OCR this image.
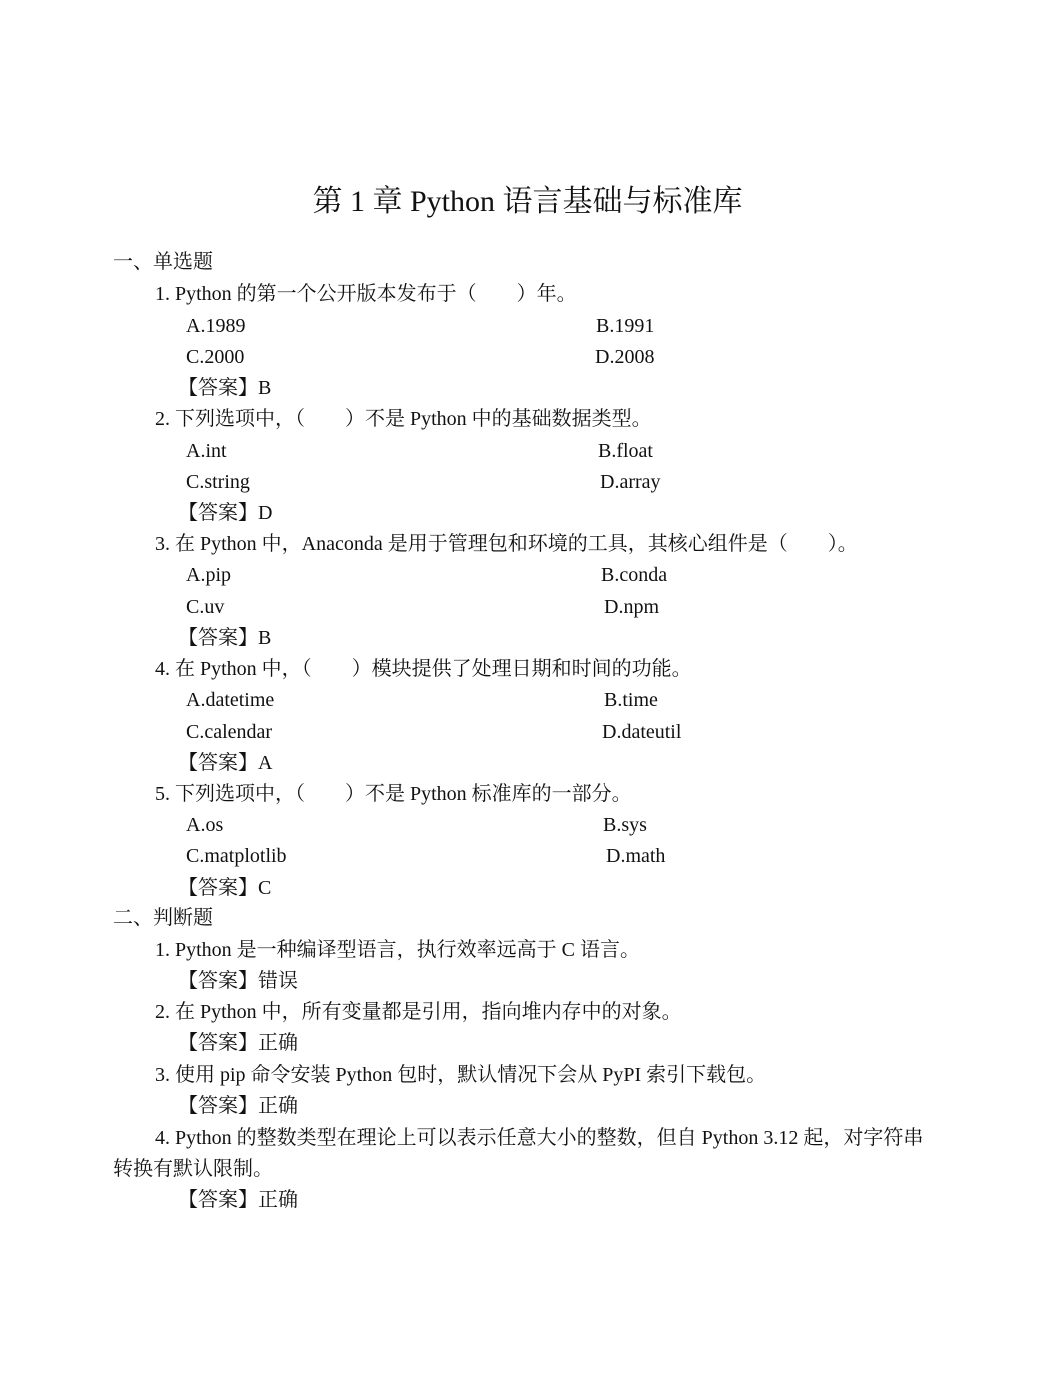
第 1 章 Python 语言基础与标准库
一、单选题
1. Python 的第一个公开版本发布于（　　）年。
A.1989	B.1991
C.2000	D.2008
【答案】B
2. 下列选项中，（　　）不是 Python 中的基础数据类型。
A.int	B.float
C.string	D.array
【答案】D
3. 在 Python 中，Anaconda 是用于管理包和环境的工具，其核心组件是（　　）。
A.pip	B.conda
C.uv	D.npm
【答案】B
4. 在 Python 中，（　　）模块提供了处理日期和时间的功能。
A.datetime	B.time
C.calendar	D.dateutil
【答案】A
5. 下列选项中，（　　）不是 Python 标准库的一部分。
A.os	B.sys
C.matplotlib	D.math
【答案】C
二、判断题
1. Python 是一种编译型语言，执行效率远高于 C 语言。
【答案】错误
2. 在 Python 中，所有变量都是引用，指向堆内存中的对象。
【答案】正确
3. 使用 pip 命令安装 Python 包时，默认情况下会从 PyPI 索引下载包。
【答案】正确
4. Python 的整数类型在理论上可以表示任意大小的整数，但自 Python 3.12 起，对字符串转换有默认限制。
【答案】正确
